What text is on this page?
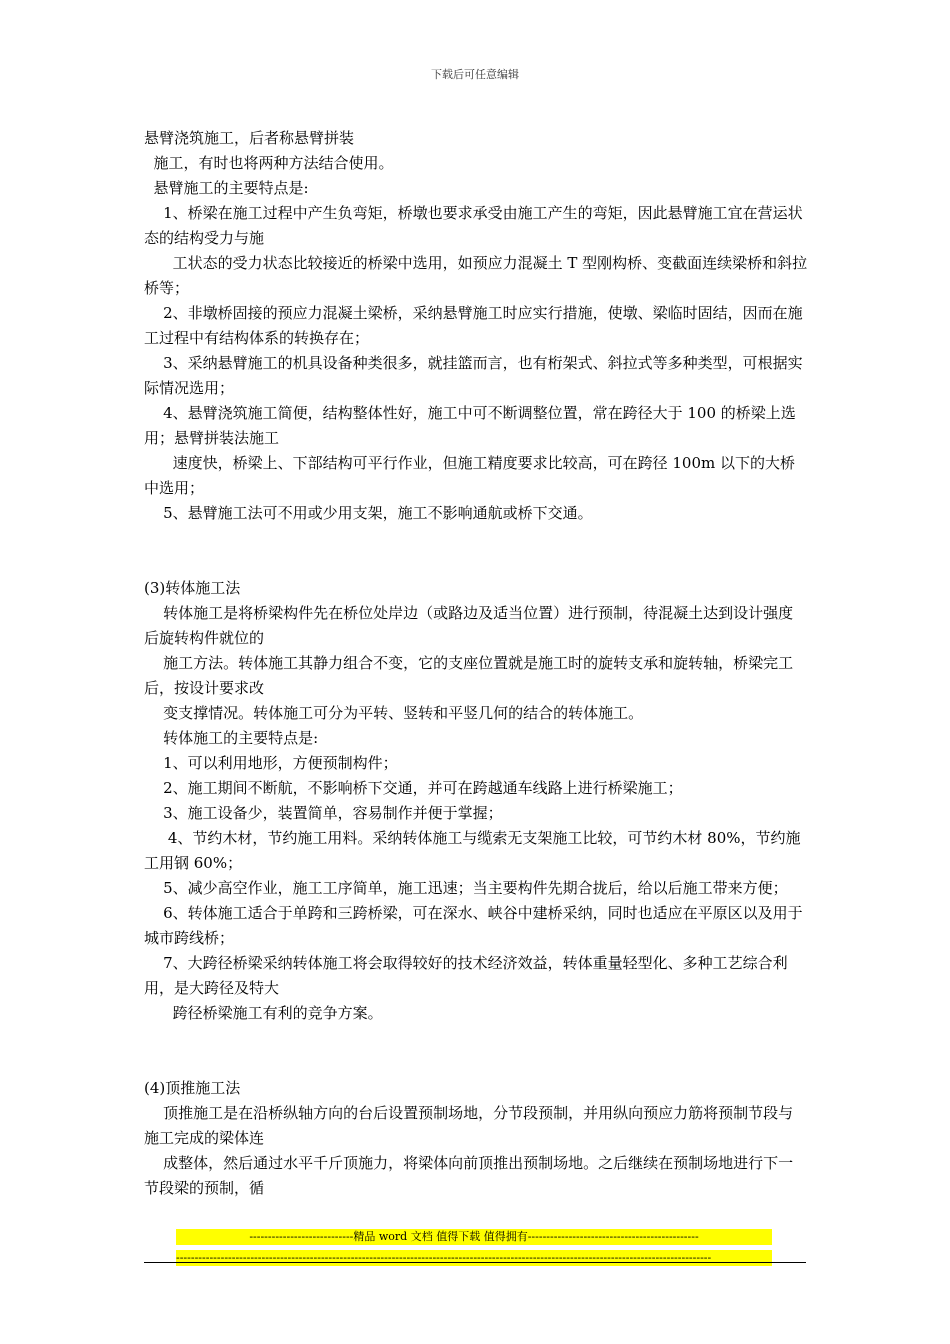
下载后可任意编辑

悬臂浇筑施工，后者称悬臂拼装

施工，有时也将两种方法结合使用。

悬臂施工的主要特点是:

1、桥梁在施工过程中产生负弯矩，桥墩也要求承受由施工产生的弯矩，因此悬臂施工宜在营运状态的结构受力与施

工状态的受力状态比较接近的桥梁中选用，如预应力混凝土 T 型刚构桥、变截面连续梁桥和斜拉桥等；

2、非墩桥固接的预应力混凝土梁桥，采纳悬臂施工时应实行措施，使墩、梁临时固结，因而在施工过程中有结构体系的转换存在；

3、采纳悬臂施工的机具设备种类很多，就挂篮而言，也有桁架式、斜拉式等多种类型，可根据实际情况选用；

4、悬臂浇筑施工简便，结构整体性好，施工中可不断调整位置，常在跨径大于 100 的桥梁上选用；悬臂拼装法施工

速度快，桥梁上、下部结构可平行作业，但施工精度要求比较高，可在跨径 100m 以下的大桥中选用；

5、悬臂施工法可不用或少用支架，施工不影响通航或桥下交通。

(3)转体施工法

转体施工是将桥梁构件先在桥位处岸边（或路边及适当位置）进行预制，待混凝土达到设计强度后旋转构件就位的

施工方法。转体施工其静力组合不变，它的支座位置就是施工时的旋转支承和旋转轴，桥梁完工后，按设计要求改

变支撑情况。转体施工可分为平转、竖转和平竖几何的结合的转体施工。

转体施工的主要特点是:

1、可以利用地形，方便预制构件；

2、施工期间不断航，不影响桥下交通，并可在跨越通车线路上进行桥梁施工；

3、施工设备少，装置简单，容易制作并便于掌握；

4、节约木材，节约施工用料。采纳转体施工与缆索无支架施工比较，可节约木材 80%，节约施工用钢 60%；

5、减少高空作业，施工工序简单，施工迅速；当主要构件先期合拢后，给以后施工带来方便；

6、转体施工适合于单跨和三跨桥梁，可在深水、峡谷中建桥采纳，同时也适应在平原区以及用于城市跨线桥；

7、大跨径桥梁采纳转体施工将会取得较好的技术经济效益，转体重量轻型化、多种工艺综合利用，是大跨径及特大

跨径桥梁施工有利的竞争方案。

(4)顶推施工法

顶推施工是在沿桥纵轴方向的台后设置预制场地，分节段预制，并用纵向预应力筋将预制节段与施工完成的梁体连

成整体，然后通过水平千斤顶施力，将梁体向前顶推出预制场地。之后继续在预制场地进行下一节段梁的预制，循

----------------------------精品 word 文档 值得下载 值得拥有----------------------------------------------
------------------------------------------------------------------------------------------------------------------------------------------------
